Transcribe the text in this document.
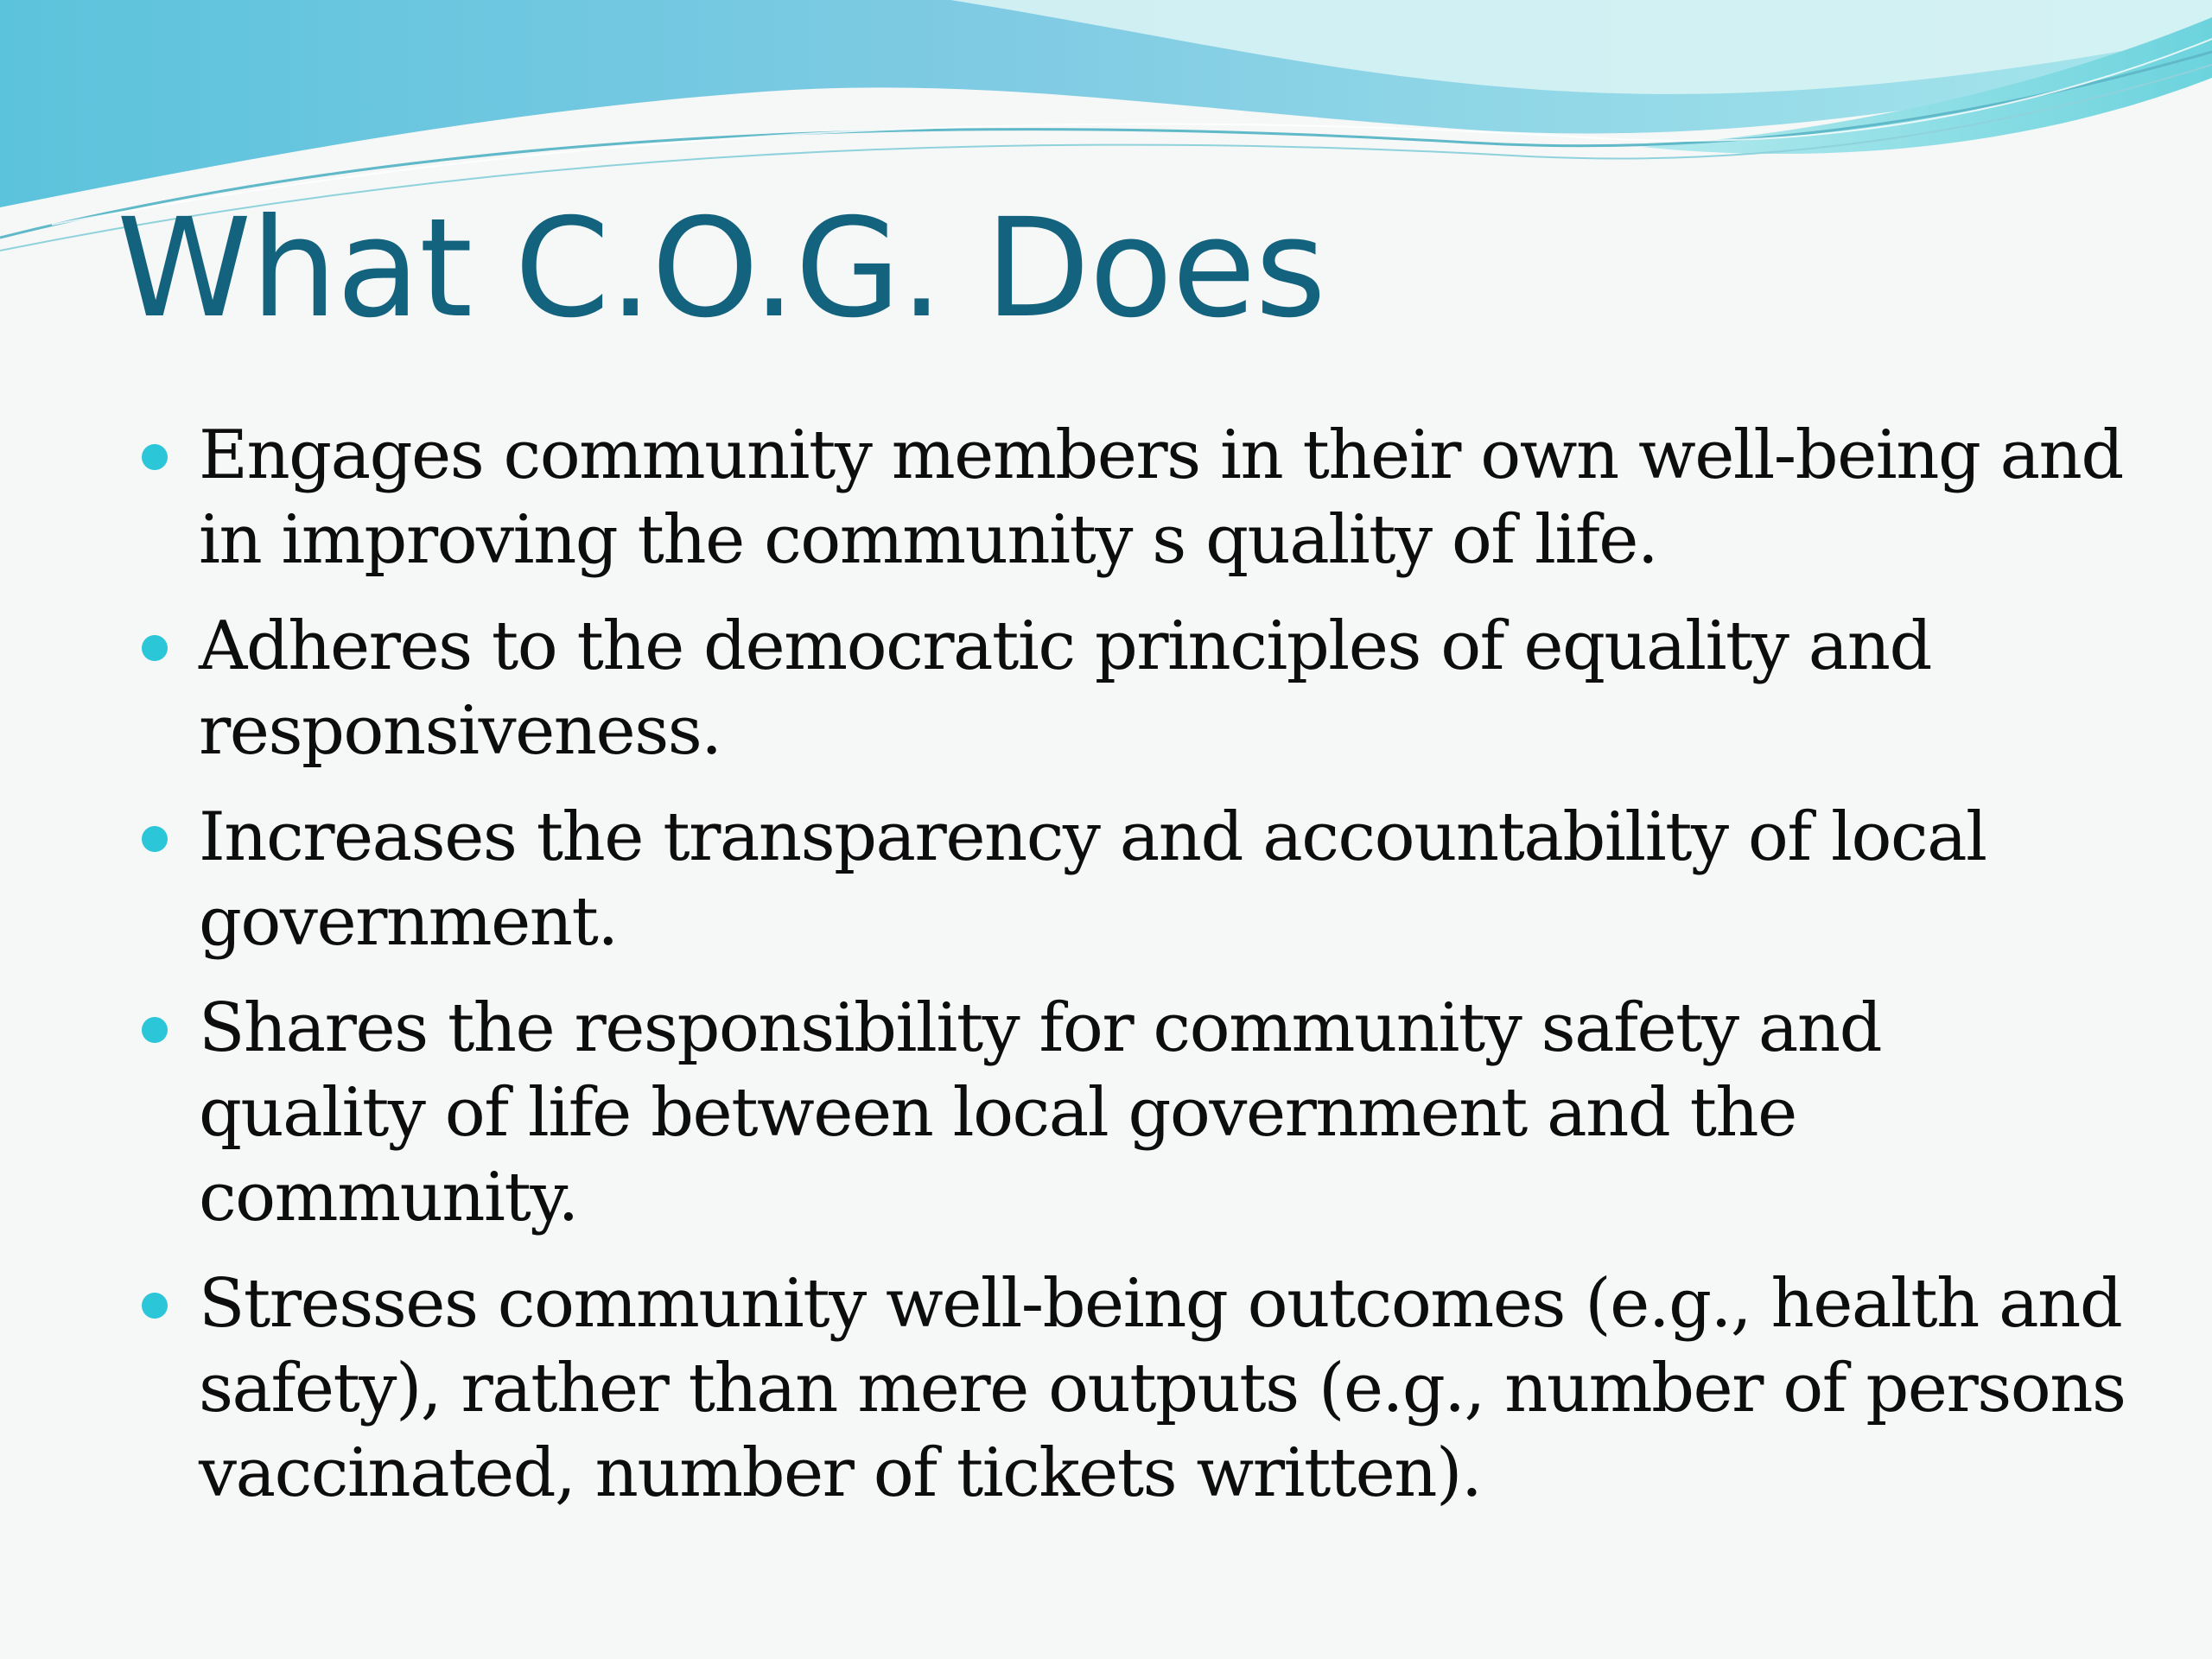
What C.O.G. Does
Engages community members in their own well-being and in improving the community s quality of life.
Adheres to the democratic principles of equality and responsiveness.
Increases the transparency and accountability of local government.
Shares the responsibility for community safety and quality of life between local government and the community.
Stresses community well-being outcomes (e.g., health and safety), rather than mere outputs (e.g., number of persons vaccinated, number of tickets written).
